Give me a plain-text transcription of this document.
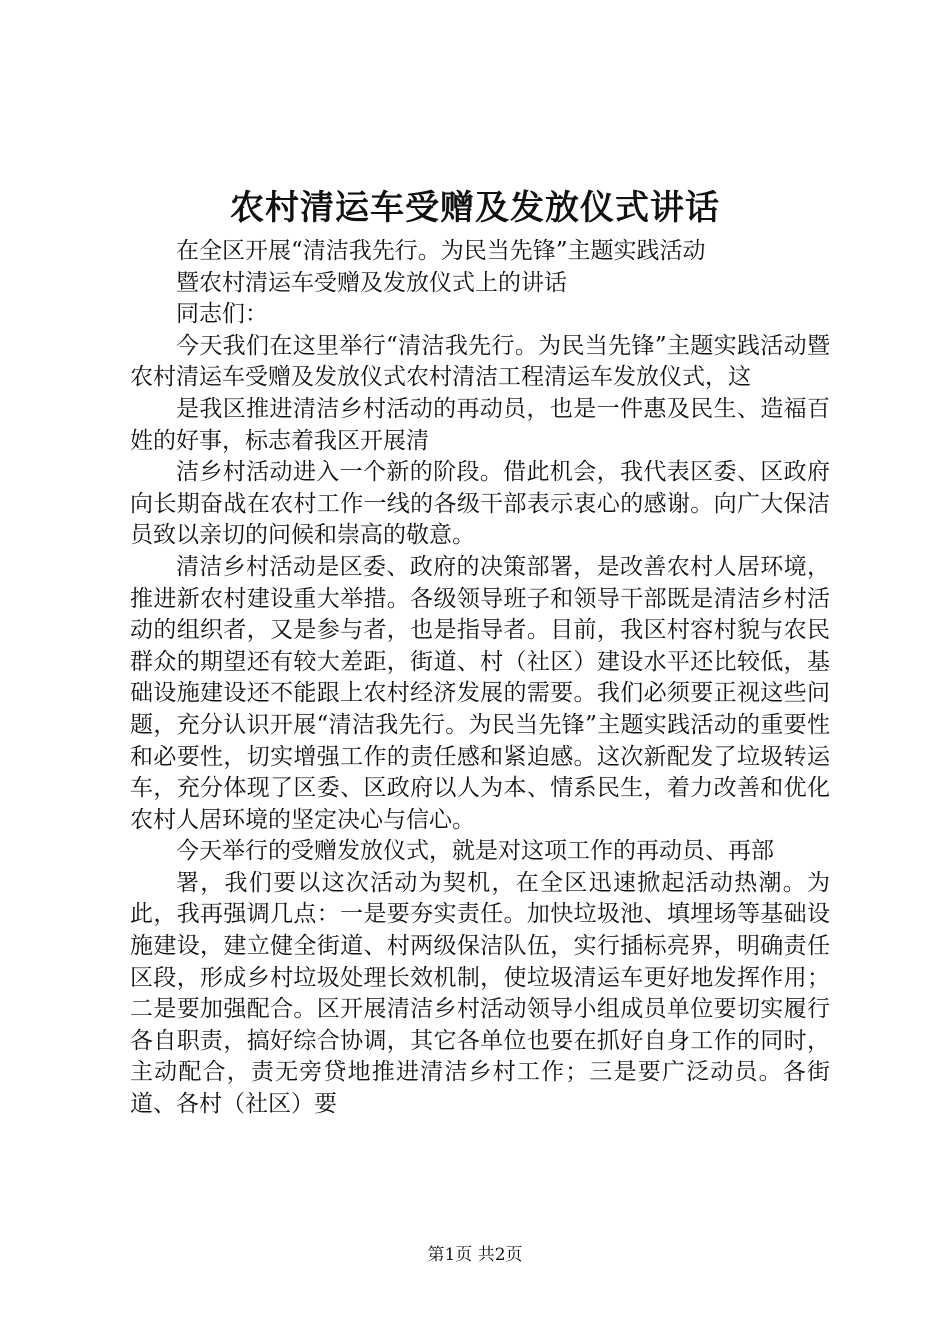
农村清运车受赠及发放仪式讲话

在全区开展“清洁我先行。为民当先锋”主题实践活动

暨农村清运车受赠及发放仪式上的讲话

同志们：

今天我们在这里举行“清洁我先行。为民当先锋”主题实践活动暨农村清运车受赠及发放仪式农村清洁工程清运车发放仪式，这

是我区推进清洁乡村活动的再动员，也是一件惠及民生、造福百姓的好事，标志着我区开展清

洁乡村活动进入一个新的阶段。借此机会，我代表区委、区政府向长期奋战在农村工作一线的各级干部表示衷心的感谢。向广大保洁员致以亲切的问候和崇高的敬意。

清洁乡村活动是区委、政府的决策部署，是改善农村人居环境，推进新农村建设重大举措。各级领导班子和领导干部既是清洁乡村活动的组织者，又是参与者，也是指导者。目前，我区村容村貌与农民群众的期望还有较大差距，街道、村（社区）建设水平还比较低，基础设施建设还不能跟上农村经济发展的需要。我们必须要正视这些问题，充分认识开展“清洁我先行。为民当先锋”主题实践活动的重要性和必要性，切实增强工作的责任感和紧迫感。这次新配发了垃圾转运车，充分体现了区委、区政府以人为本、情系民生，着力改善和优化农村人居环境的坚定决心与信心。

今天举行的受赠发放仪式，就是对这项工作的再动员、再部

署，我们要以这次活动为契机，在全区迅速掀起活动热潮。为此，我再强调几点：一是要夯实责任。加快垃圾池、填埋场等基础设施建设，建立健全街道、村两级保洁队伍，实行插标亮界，明确责任区段，形成乡村垃圾处理长效机制，使垃圾清运车更好地发挥作用；二是要加强配合。区开展清洁乡村活动领导小组成员单位要切实履行各自职责，搞好综合协调，其它各单位也要在抓好自身工作的同时，主动配合，责无旁贷地推进清洁乡村工作；三是要广泛动员。各街道、各村（社区）要

第1页 共2页
